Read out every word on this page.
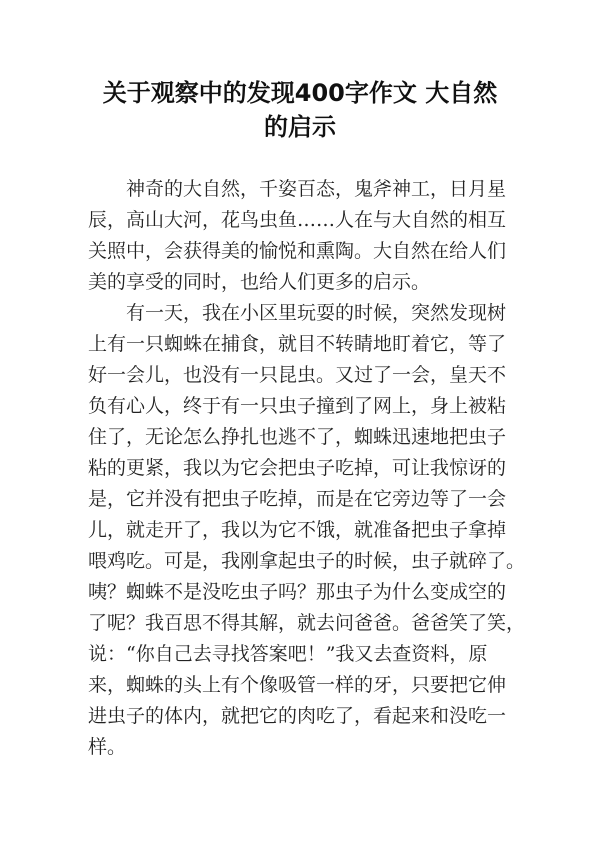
关于观察中的发现400字作文 大自然
的启示

神奇的大自然，千姿百态，鬼斧神工，日月星
辰，高山大河，花鸟虫鱼……人在与大自然的相互
关照中，会获得美的愉悦和熏陶。大自然在给人们
美的享受的同时，也给人们更多的启示。

有一天，我在小区里玩耍的时候，突然发现树
上有一只蜘蛛在捕食，就目不转睛地盯着它，等了
好一会儿，也没有一只昆虫。又过了一会，皇天不
负有心人，终于有一只虫子撞到了网上，身上被粘
住了，无论怎么挣扎也逃不了，蜘蛛迅速地把虫子
粘的更紧，我以为它会把虫子吃掉，可让我惊讶的
是，它并没有把虫子吃掉，而是在它旁边等了一会
儿，就走开了，我以为它不饿，就准备把虫子拿掉
喂鸡吃。可是，我刚拿起虫子的时候，虫子就碎了。
咦？蜘蛛不是没吃虫子吗？那虫子为什么变成空的
了呢？我百思不得其解，就去问爸爸。爸爸笑了笑，
说：“你自己去寻找答案吧！”我又去查资料，原
来，蜘蛛的头上有个像吸管一样的牙，只要把它伸
进虫子的体内，就把它的肉吃了，看起来和没吃一
样。
